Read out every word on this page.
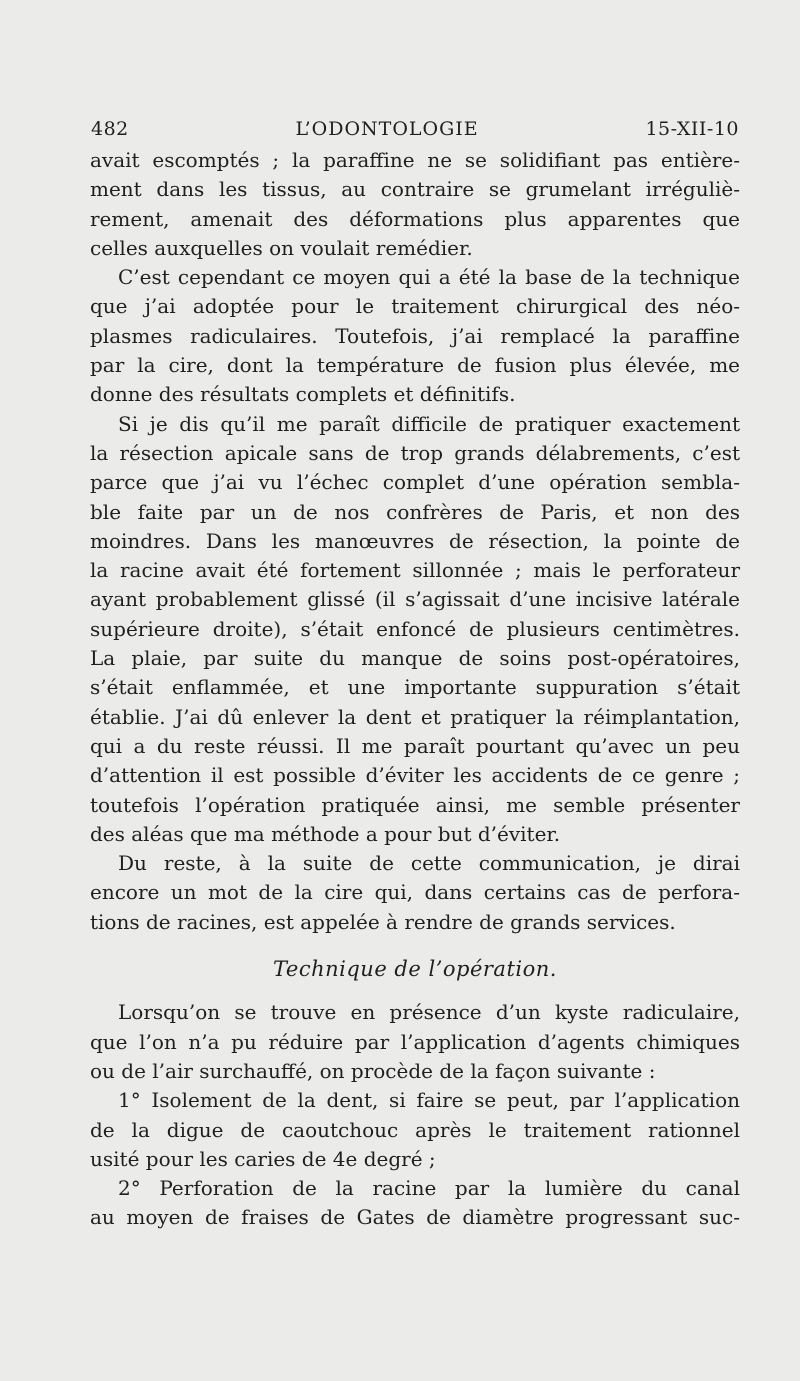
482	L’ODONTOLOGIE	15-XII-10
avait escomptés ; la paraffine ne se solidifiant pas entière-
ment dans les tissus, au contraire se grumelant irréguliè-
rement, amenait des déformations plus apparentes que
celles auxquelles on voulait remédier.
C’est cependant ce moyen qui a été la base de la technique
que j’ai adoptée pour le traitement chirurgical des néo-
plasmes radiculaires. Toutefois, j’ai remplacé la paraffine
par la cire, dont la température de fusion plus élevée, me
donne des résultats complets et définitifs.
Si je dis qu’il me paraît difficile de pratiquer exactement
la résection apicale sans de trop grands délabrements, c’est
parce que j’ai vu l’échec complet d’une opération sembla-
ble faite par un de nos confrères de Paris, et non des
moindres. Dans les manœuvres de résection, la pointe de
la racine avait été fortement sillonnée ; mais le perforateur
ayant probablement glissé (il s’agissait d’une incisive latérale
supérieure droite), s’était enfoncé de plusieurs centimètres.
La plaie, par suite du manque de soins post-opératoires,
s’était enflammée, et une importante suppuration s’était
établie. J’ai dû enlever la dent et pratiquer la réimplantation,
qui a du reste réussi. Il me paraît pourtant qu’avec un peu
d’attention il est possible d’éviter les accidents de ce genre ;
toutefois l’opération pratiquée ainsi, me semble présenter
des aléas que ma méthode a pour but d’éviter.
Du reste, à la suite de cette communication, je dirai
encore un mot de la cire qui, dans certains cas de perfora-
tions de racines, est appelée à rendre de grands services.
Technique de l’opération.
Lorsqu’on se trouve en présence d’un kyste radiculaire,
que l’on n’a pu réduire par l’application d’agents chimiques
ou de l’air surchauffé, on procède de la façon suivante :
1° Isolement de la dent, si faire se peut, par l’application
de la digue de caoutchouc après le traitement rationnel
usité pour les caries de 4e degré ;
2° Perforation de la racine par la lumière du canal
au moyen de fraises de Gates de diamètre progressant suc-
